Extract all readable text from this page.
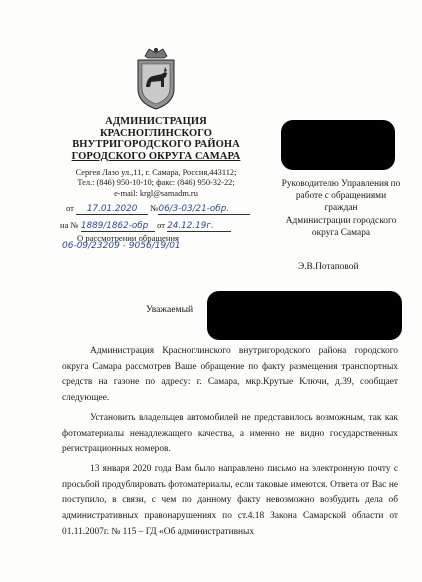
АДМИНИСТРАЦИЯ
КРАСНОГЛИНСКОГО
ВНУТРИГОРОДСКОГО РАЙОНА
ГОРОДСКОГО ОКРУГА САМАРА
Сергея Лазо ул.,11, г. Самара, Россия,443112;
Тел.: (846) 950-10-10; факс: (846) 950-32-22;
e-mail: krgl@samadm.ru
от 17.01.2020 №06/3-03/21-обр.
на № 1889/1862-обр от 24.12.19г.
О рассмотрении обращения
06-09/23209 - 9056/19/01
Руководителю Управления по
работе с обращениями
граждан
Администрации городского
округа Самара
Э.В.Потаповой
Уважаемый

Администрация Красноглинского внутригородского района городского округа Самара рассмотрев Ваше обращение по факту размещения транспортных средств на газоне по адресу: г. Самара, мкр.Крутые Ключи, д.39, сообщает следующее.

Установить владельцев автомобилей не представилось возможным, так как фотоматериалы ненадлежащего качества, а именно не видно государственных регистрационных номеров.

13 января 2020 года Вам было направлено письмо на электронную почту с просьбой продублировать фотоматериалы, если таковые имеются. Ответа от Вас не поступило, в связи, с чем по данному факту невозможно возбудить дела об административных правонарушениях по ст.4.18 Закона Самарской области от 01.11.2007г. № 115 – ГД «Об административных
